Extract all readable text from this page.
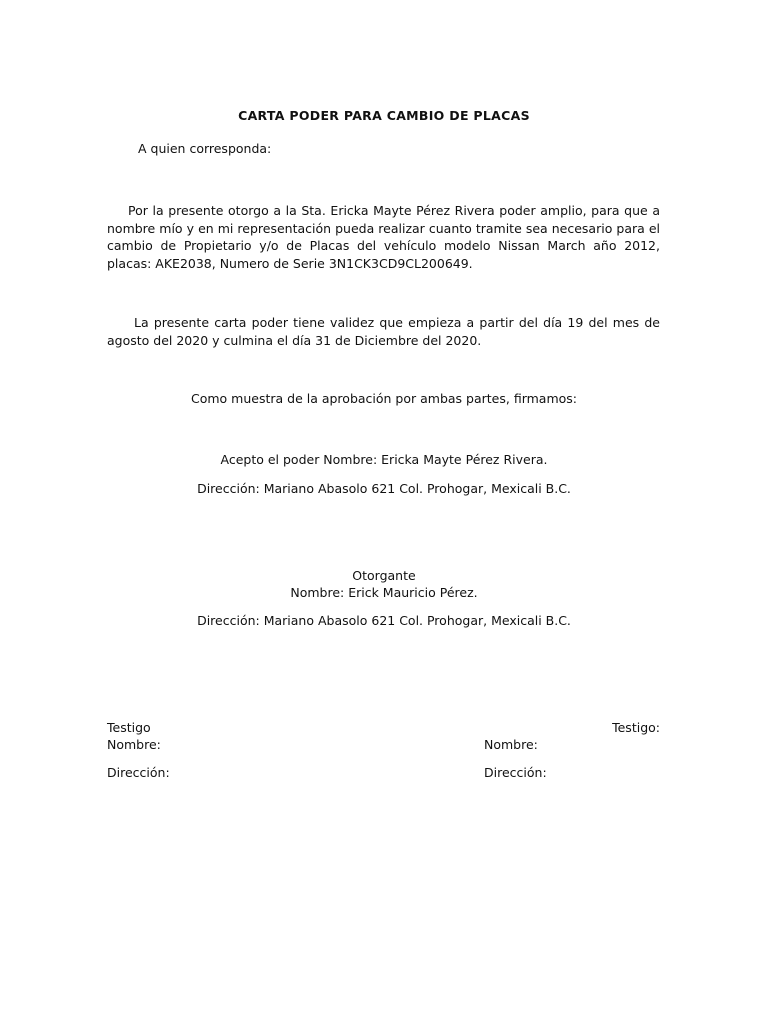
CARTA PODER PARA CAMBIO DE PLACAS
A quien corresponda:
Por la presente otorgo a la Sta. Ericka Mayte Pérez Rivera poder amplio, para que a nombre mío y en mi representación pueda realizar cuanto tramite sea necesario para el cambio de Propietario y/o de Placas del vehículo modelo Nissan March año 2012, placas: AKE2038, Numero de Serie 3N1CK3CD9CL200649.
La presente carta poder tiene validez que empieza a partir del día 19 del mes de agosto del 2020 y culmina el día 31 de Diciembre del 2020.
Como muestra de la aprobación por ambas partes, firmamos:
Acepto el poder Nombre: Ericka Mayte Pérez Rivera.
Dirección: Mariano Abasolo 621 Col. Prohogar, Mexicali B.C.
Otorgante
Nombre: Erick Mauricio Pérez.
Dirección: Mariano Abasolo 621 Col. Prohogar, Mexicali B.C.
Testigo
Nombre:
Dirección:
Testigo:
Nombre:
Dirección:
